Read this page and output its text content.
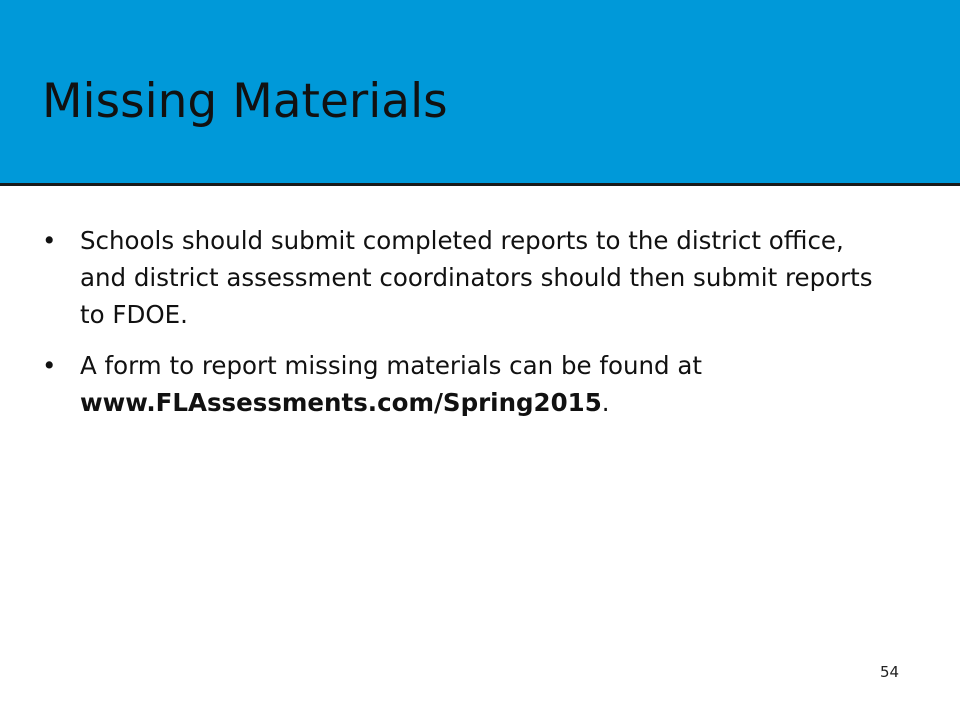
Missing Materials
• Schools should submit completed reports to the district office, and district assessment coordinators should then submit reports to FDOE.
• A form to report missing materials can be found at www.FLAssessments.com/Spring2015.
54
